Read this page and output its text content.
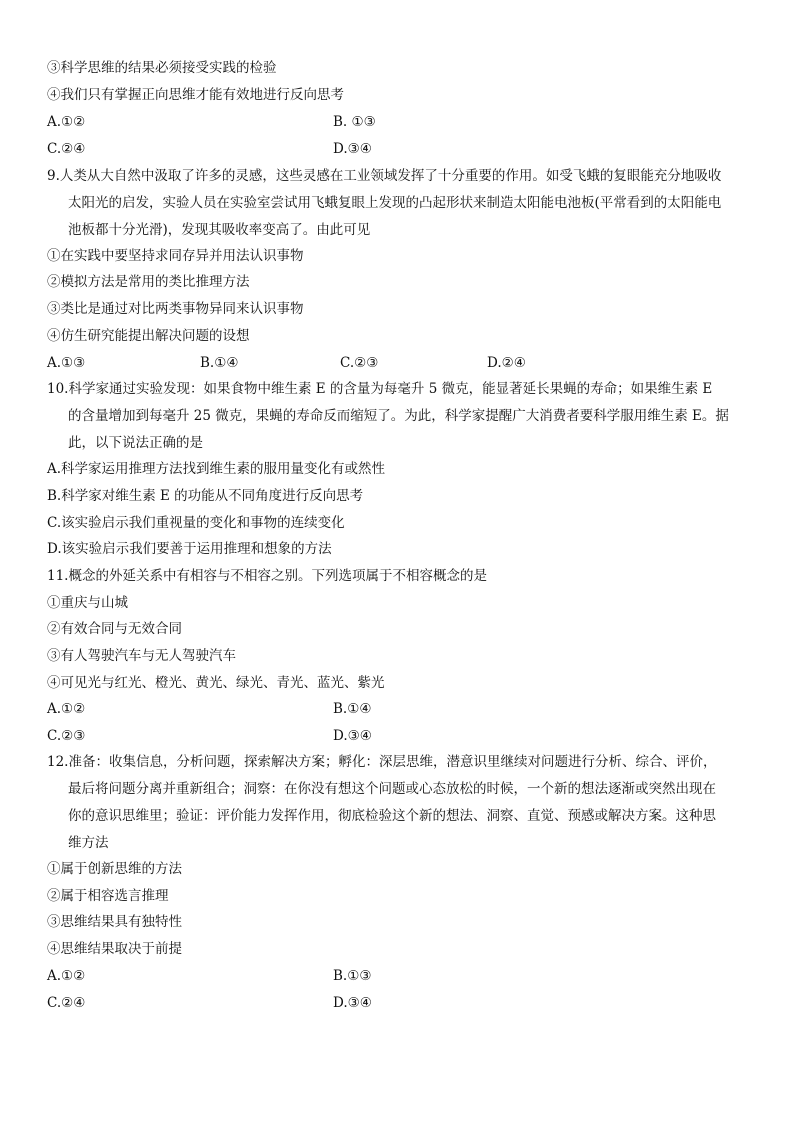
③科学思维的结果必须接受实践的检验
④我们只有掌握正向思维才能有效地进行反向思考
A.①②	B. ①③
C.②④	D.③④
9.人类从大自然中汲取了许多的灵感，这些灵感在工业领域发挥了十分重要的作用。如受飞蛾的复眼能充分地吸收
太阳光的启发，实验人员在实验室尝试用飞蛾复眼上发现的凸起形状来制造太阳能电池板(平常看到的太阳能电
池板都十分光滑)，发现其吸收率变高了。由此可见
①在实践中要坚持求同存异并用法认识事物
②模拟方法是常用的类比推理方法
③类比是通过对比两类事物异同来认识事物
④仿生研究能提出解决问题的设想
A.①③	B.①④	C.②③	D.②④
10.科学家通过实验发现：如果食物中维生素 E 的含量为每毫升 5 微克，能显著延长果蝇的寿命；如果维生素 E
的含量增加到每毫升 25 微克，果蝇的寿命反而缩短了。为此，科学家提醒广大消费者要科学服用维生素 E。据
此，以下说法正确的是
A.科学家运用推理方法找到维生素的服用量变化有或然性
B.科学家对维生素 E 的功能从不同角度进行反向思考
C.该实验启示我们重视量的变化和事物的连续变化
D.该实验启示我们要善于运用推理和想象的方法
11.概念的外延关系中有相容与不相容之别。下列选项属于不相容概念的是
①重庆与山城
②有效合同与无效合同
③有人驾驶汽车与无人驾驶汽车
④可见光与红光、橙光、黄光、绿光、青光、蓝光、紫光
A.①②	B.①④
C.②③	D.③④
12.准备：收集信息，分析问题，探索解决方案；孵化：深层思维，潜意识里继续对问题进行分析、综合、评价，
最后将问题分离并重新组合；洞察：在你没有想这个问题或心态放松的时候，一个新的想法逐渐或突然出现在
你的意识思维里；验证：评价能力发挥作用，彻底检验这个新的想法、洞察、直觉、预感或解决方案。这种思
维方法
①属于创新思维的方法
②属于相容选言推理
③思维结果具有独特性
④思维结果取决于前提
A.①②	B.①③
C.②④	D.③④
